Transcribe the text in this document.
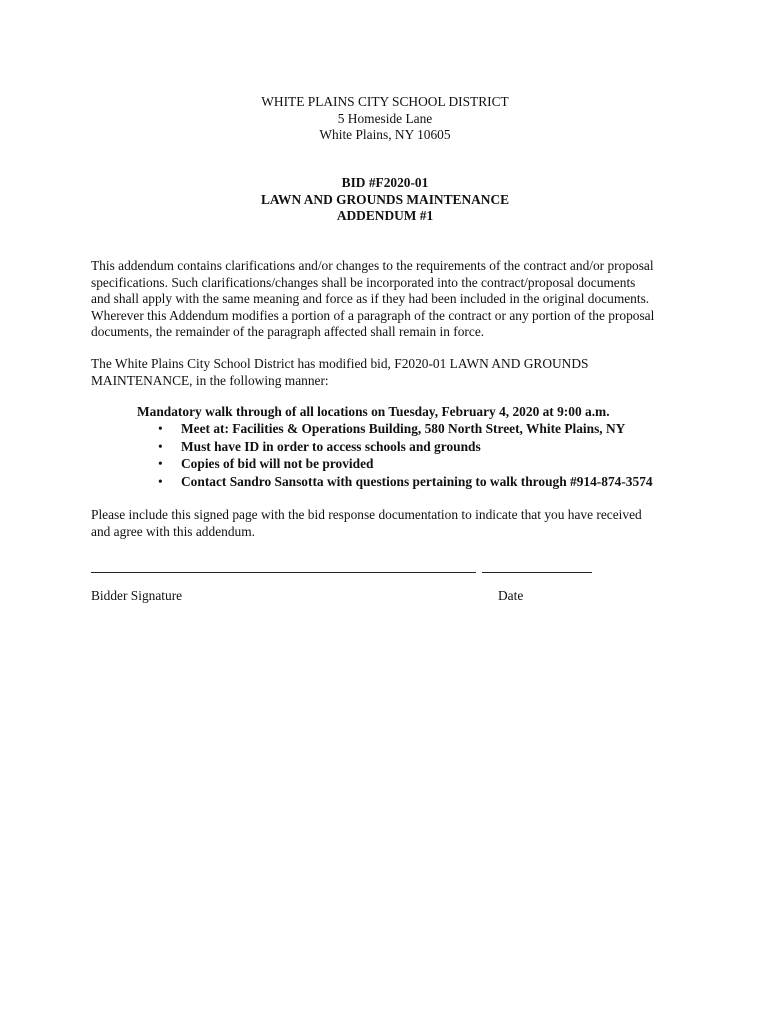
WHITE PLAINS CITY SCHOOL DISTRICT
5 Homeside Lane
White Plains, NY 10605
BID #F2020-01
LAWN AND GROUNDS MAINTENANCE
ADDENDUM #1
This addendum contains clarifications and/or changes to the requirements of the contract and/or proposal
specifications. Such clarifications/changes shall be incorporated into the contract/proposal documents
and shall apply with the same meaning and force as if they had been included in the original documents.
Wherever this Addendum modifies a portion of a paragraph of the contract or any portion of the proposal
documents, the remainder of the paragraph affected shall remain in force.
The White Plains City School District has modified bid, F2020-01 LAWN AND GROUNDS
MAINTENANCE, in the following manner:
Mandatory walk through of all locations on Tuesday, February 4, 2020 at 9:00 a.m.
• Meet at: Facilities & Operations Building, 580 North Street, White Plains, NY
• Must have ID in order to access schools and grounds
• Copies of bid will not be provided
• Contact Sandro Sansotta with questions pertaining to walk through #914-874-3574
Please include this signed page with the bid response documentation to indicate that you have received
and agree with this addendum.
Bidder Signature	Date
